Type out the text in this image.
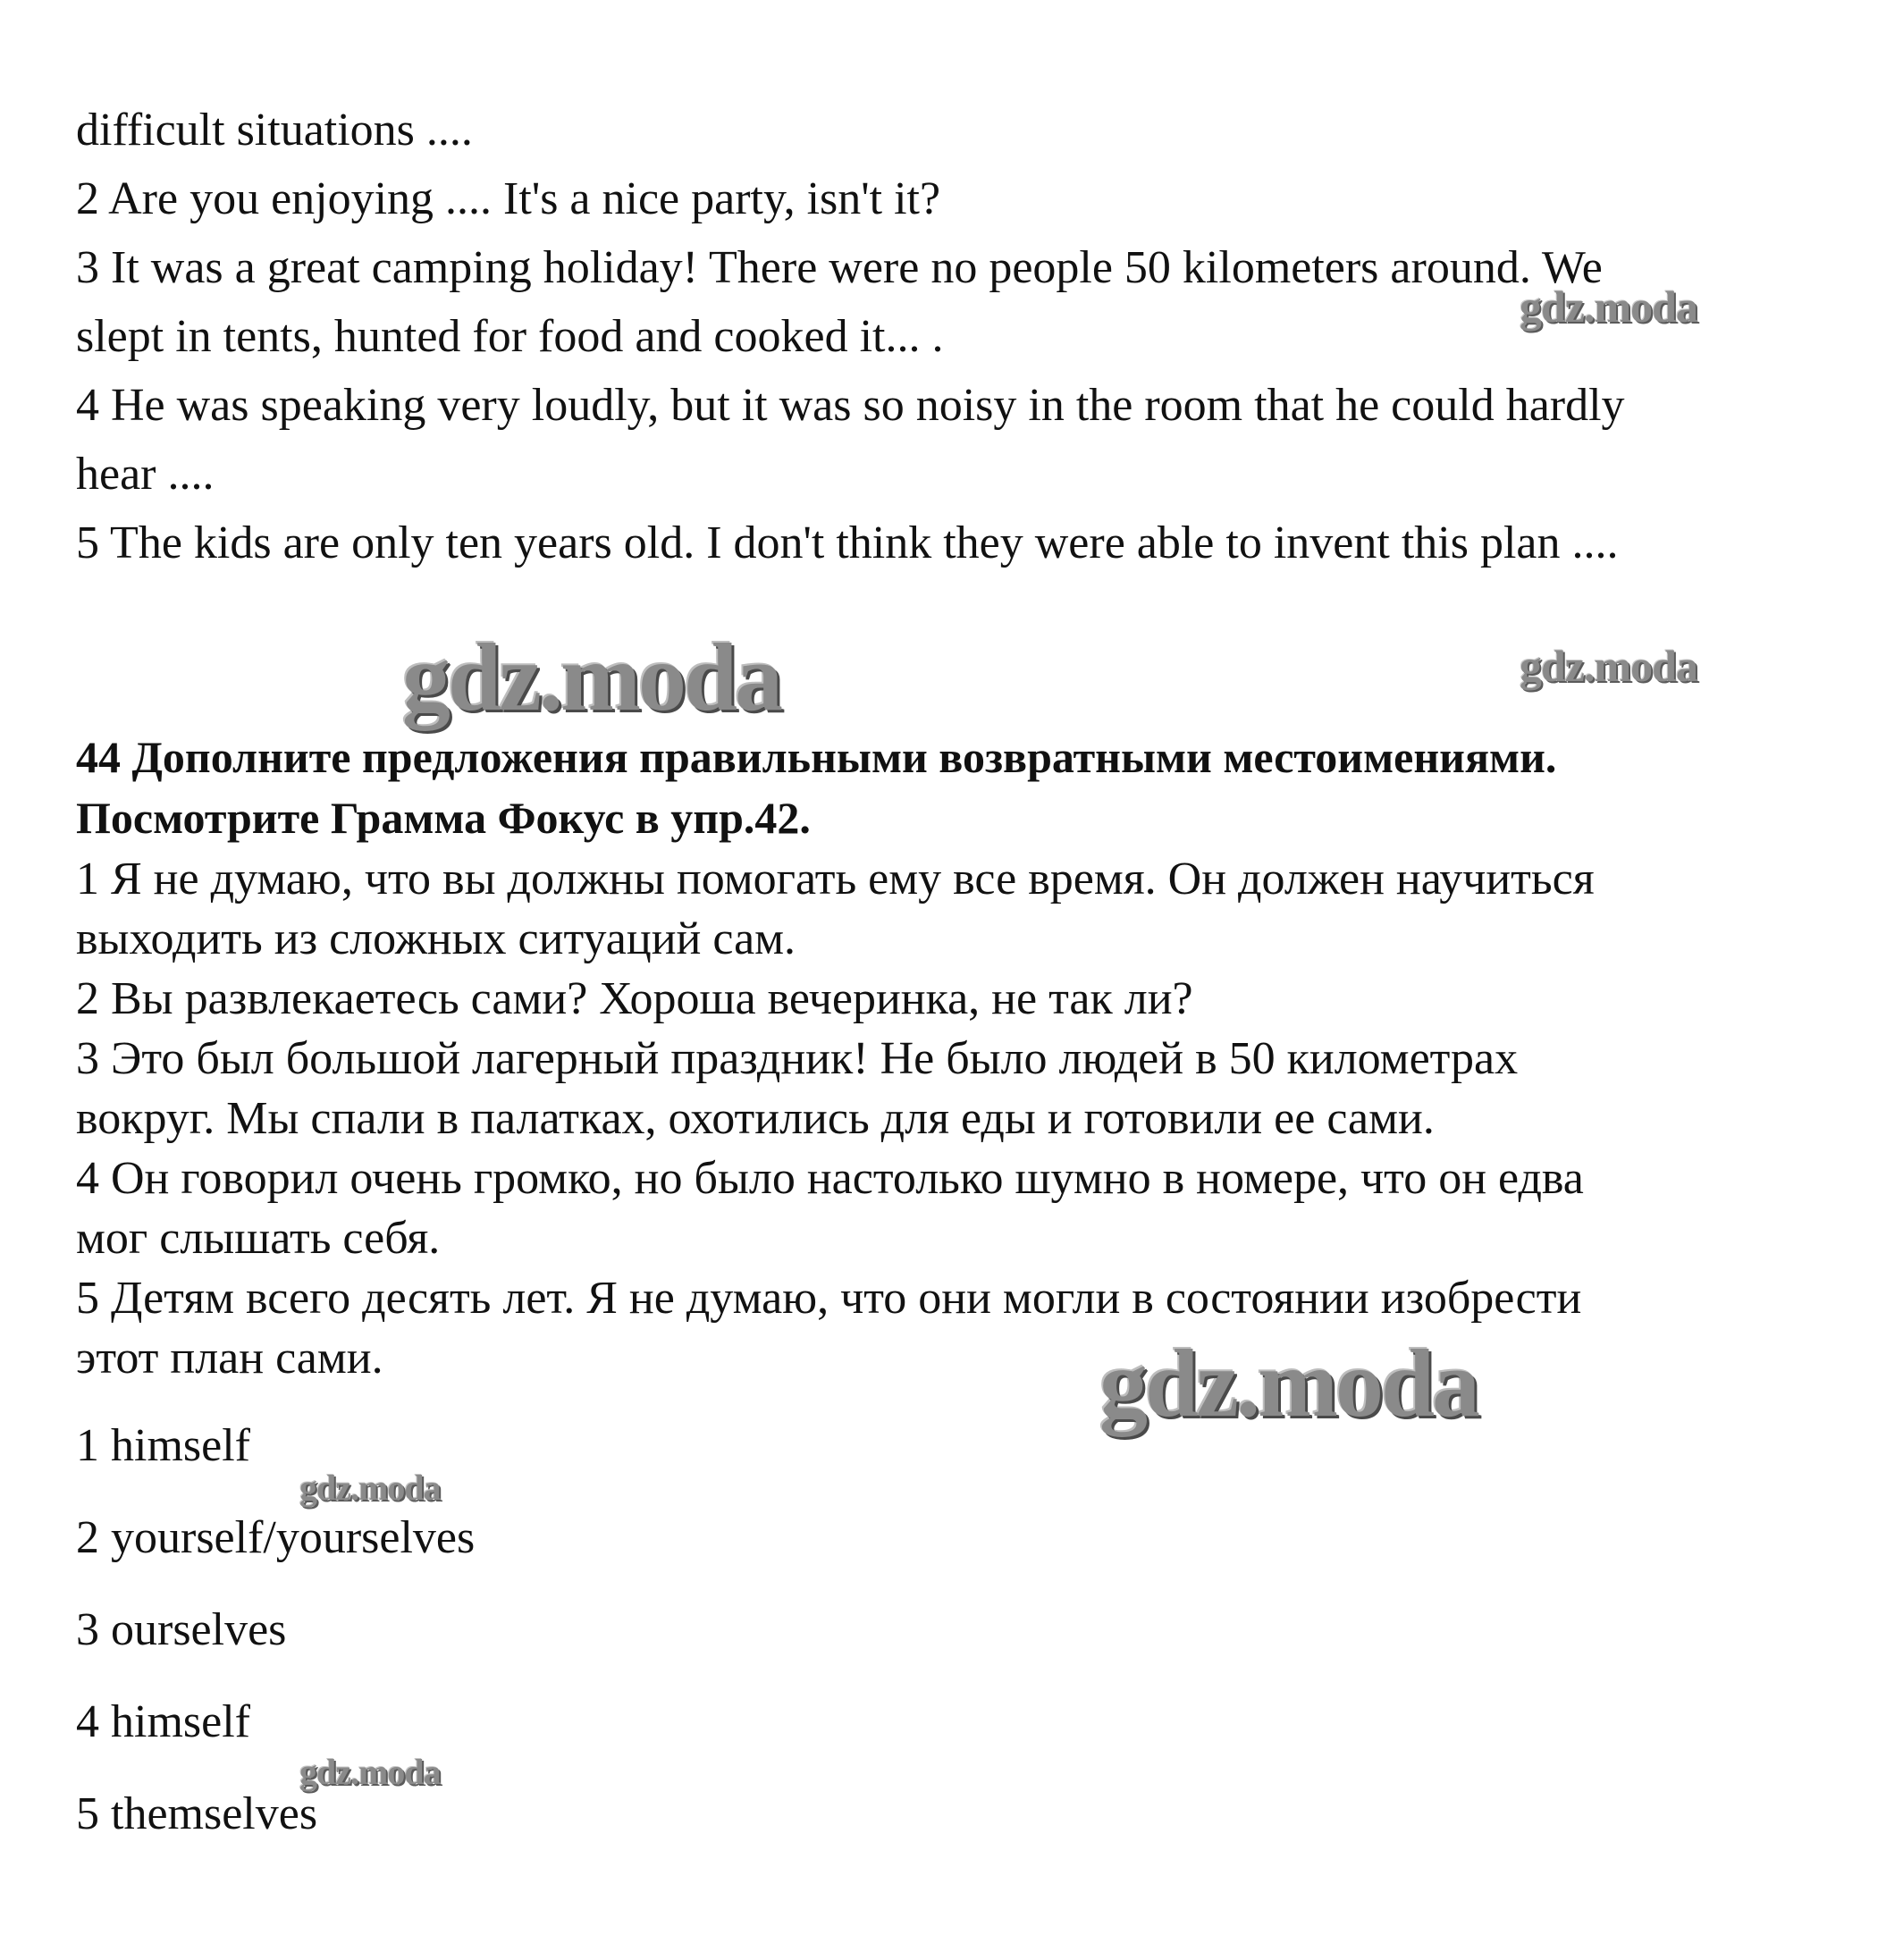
difficult situations ....
2 Are you enjoying .... It's a nice party, isn't it?
3 It was a great camping holiday! There were no people 50 kilometers around. We
slept in tents, hunted for food and cooked it... .
4 He was speaking very loudly, but it was so noisy in the room that he could hardly
hear ....
5 The kids are only ten years old. I don't think they were able to invent this plan ....
44 Дополните предложения правильными возвратными местоимениями.
Посмотрите Грамма Фокус в упр.42.
1 Я не думаю, что вы должны помогать ему все время. Он должен научиться
выходить из сложных ситуаций сам.
2 Вы развлекаетесь сами? Хороша вечеринка, не так ли?
3 Это был большой лагерный праздник! Не было людей в 50 километрах
вокруг. Мы спали в палатках, охотились для еды и готовили ее сами.
4 Он говорил очень громко, но было настолько шумно в номере, что он едва
мог слышать себя.
5 Детям всего десять лет. Я не думаю, что они могли в состоянии изобрести
этот план сами.
1 himself
2 yourself/yourselves
3 ourselves
4 himself
5 themselves
gdz.moda
gdz.moda	gdz.moda
gdz.moda
gdz.moda
gdz.moda
